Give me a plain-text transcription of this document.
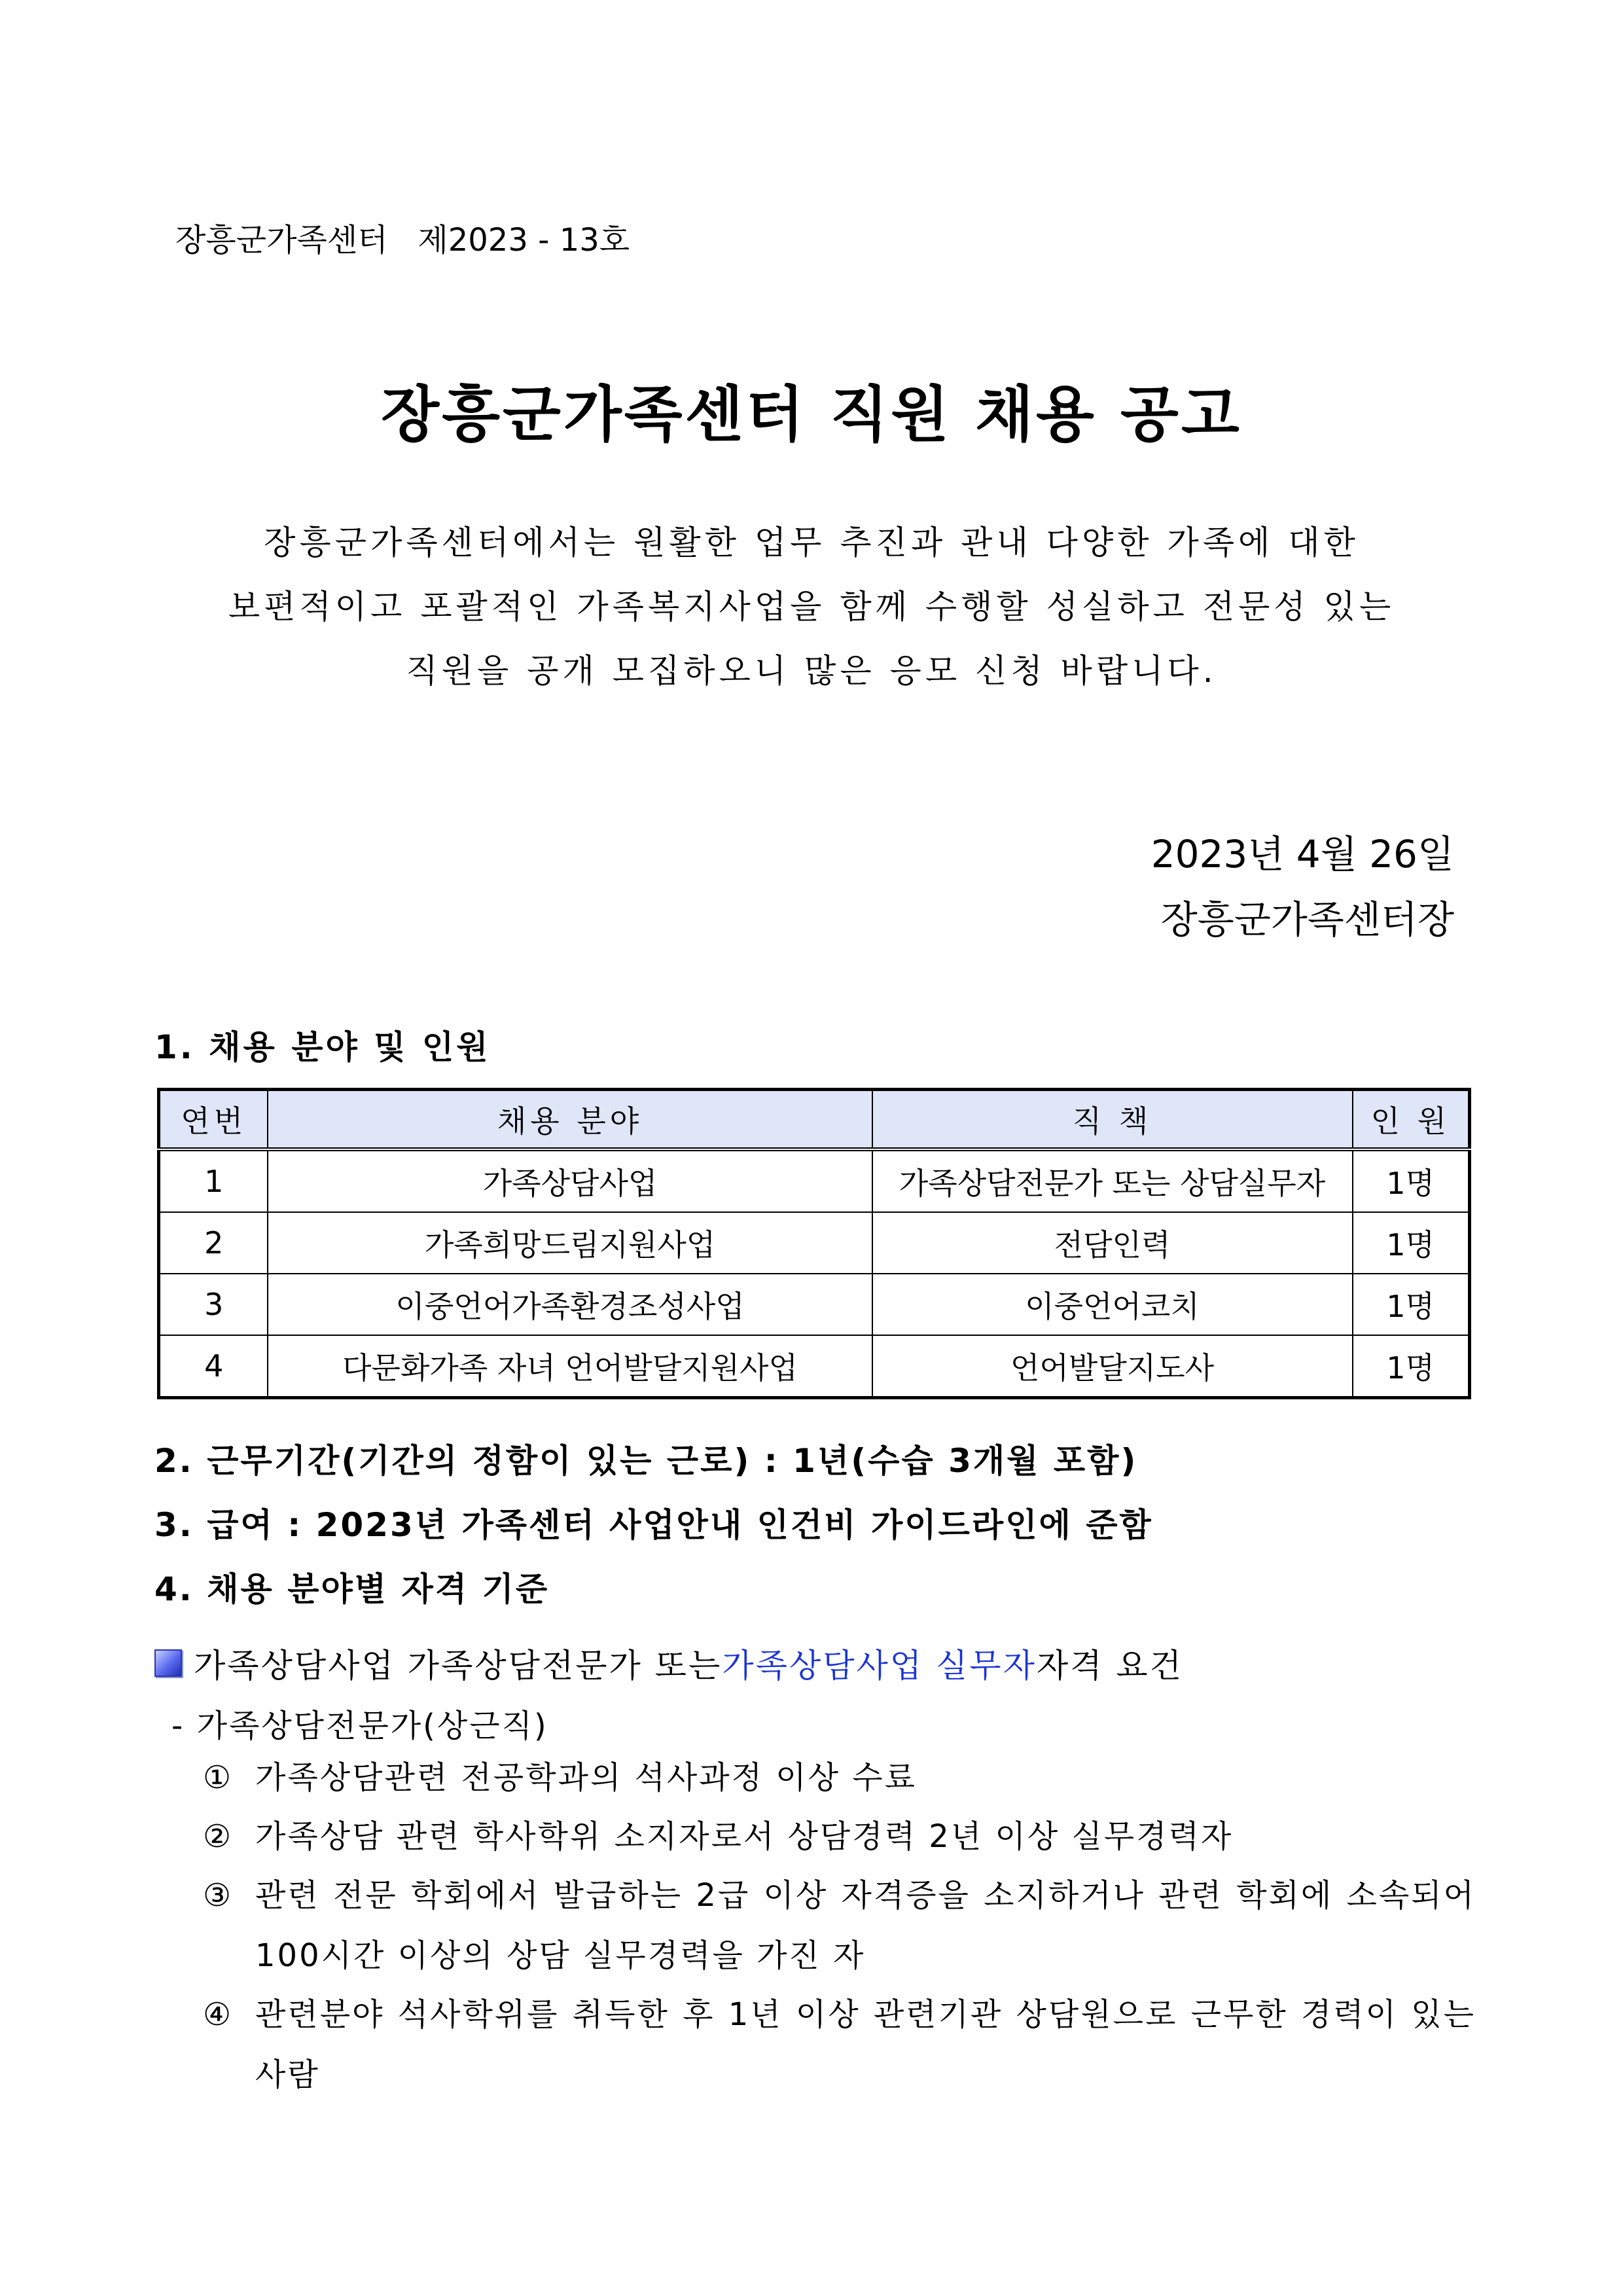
장흥군가족센터   제2023 - 13호
장흥군가족센터 직원 채용 공고
장흥군가족센터에서는 원활한 업무 추진과 관내 다양한 가족에 대한
보편적이고 포괄적인 가족복지사업을 함께 수행할 성실하고 전문성 있는
직원을 공개 모집하오니 많은 응모 신청 바랍니다.
2023년 4월 26일
장흥군가족센터장
1. 채용 분야 및 인원
연번	채용 분야	직 책	인 원
1	가족상담사업	가족상담전문가 또는 상담실무자	1명
2	가족희망드림지원사업	전담인력	1명
3	이중언어가족환경조성사업	이중언어코치	1명
4	다문화가족 자녀 언어발달지원사업	언어발달지도사	1명
2. 근무기간(기간의 정함이 있는 근로) : 1년(수습 3개월 포함)
3. 급여 : 2023년 가족센터 사업안내 인건비 가이드라인에 준함
4. 채용 분야별 자격 기준
가족상담사업 가족상담전문가 또는 가족상담사업 실무자 자격 요건
- 가족상담전문가(상근직)
① 가족상담관련 전공학과의 석사과정 이상 수료
② 가족상담 관련 학사학위 소지자로서 상담경력 2년 이상 실무경력자
③ 관련 전문 학회에서 발급하는 2급 이상 자격증을 소지하거나 관련 학회에 소속되어 100시간 이상의 상담 실무경력을 가진 자
④ 관련분야 석사학위를 취득한 후 1년 이상 관련기관 상담원으로 근무한 경력이 있는 사람
